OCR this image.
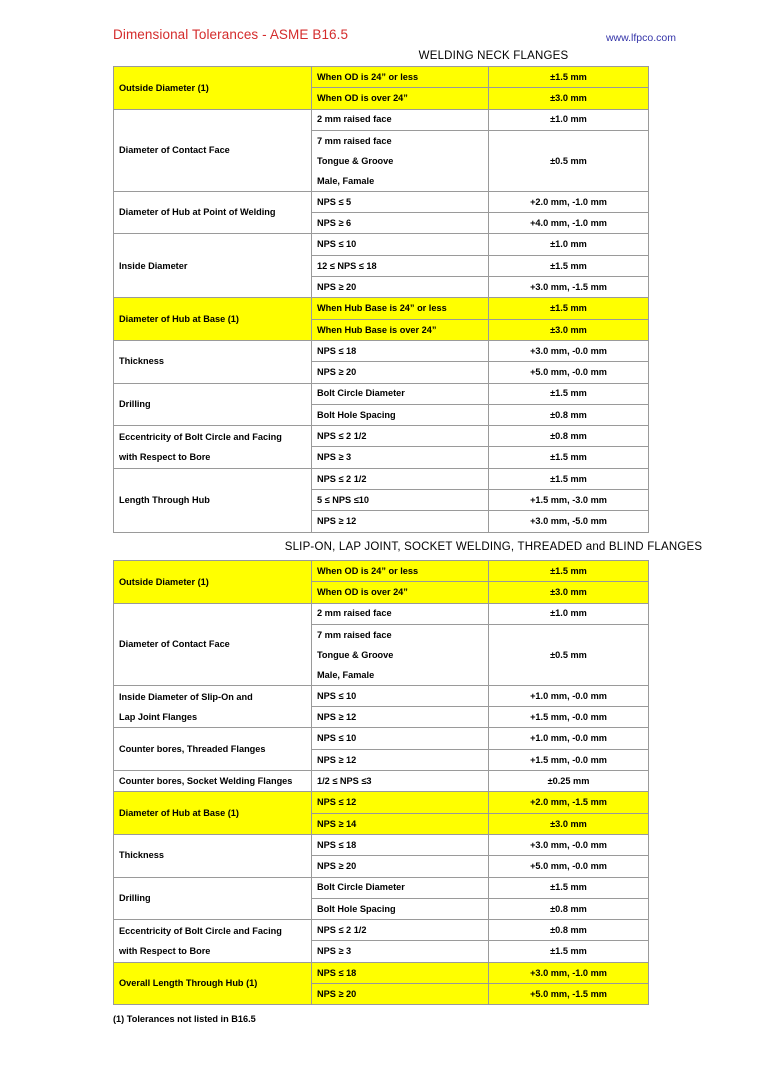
Dimensional Tolerances - ASME B16.5	www.lfpco.com
WELDING NECK FLANGES
Outside Diameter (1)	When OD is 24” or less	±1.5 mm
	When OD is over 24”	±3.0 mm
Diameter of Contact Face	2 mm raised face	±1.0 mm

	7 mm raised face
Tongue & Groove
Male, Famale	±0.5 mm
Diameter of Hub at Point of Welding	NPS ≤ 5	+2.0 mm, -1.0 mm
	NPS ≥ 6	+4.0 mm, -1.0 mm
Inside Diameter	NPS ≤ 10	±1.0 mm
	12 ≤ NPS ≤ 18	±1.5 mm
	NPS ≥ 20	+3.0 mm, -1.5 mm
Diameter of Hub at Base (1)	When Hub Base is 24” or less	±1.5 mm
	When Hub Base is over 24”	±3.0 mm
Thickness	NPS ≤ 18	+3.0 mm, -0.0 mm
	NPS ≥ 20	+5.0 mm, -0.0 mm
Drilling	Bolt Circle Diameter	±1.5 mm
	Bolt Hole Spacing	±0.8 mm

Eccentricity of Bolt Circle and Facing
with Respect to Bore	NPS ≤ 2 1/2	±0.8 mm
	NPS ≥ 3	±1.5 mm
Length Through Hub	NPS ≤ 2 1/2	±1.5 mm
	5 ≤ NPS ≤10	+1.5 mm, -3.0 mm
	NPS ≥ 12	+3.0 mm, -5.0 mm
SLIP-ON, LAP JOINT, SOCKET WELDING, THREADED and BLIND FLANGES
Outside Diameter (1)	When OD is 24” or less	±1.5 mm
	When OD is over 24”	±3.0 mm
Diameter of Contact Face	2 mm raised face	±1.0 mm

	7 mm raised face
Tongue & Groove
Male, Famale	±0.5 mm

Inside Diameter of Slip-On and
Lap Joint Flanges	NPS ≤ 10	+1.0 mm, -0.0 mm
	NPS ≥ 12	+1.5 mm, -0.0 mm
Counter bores, Threaded Flanges	NPS ≤ 10	+1.0 mm, -0.0 mm
	NPS ≥ 12	+1.5 mm, -0.0 mm
Counter bores, Socket Welding Flanges	1/2 ≤ NPS ≤3	±0.25 mm
Diameter of Hub at Base (1)	NPS ≤ 12	+2.0 mm, -1.5 mm
	NPS ≥ 14	±3.0 mm
Thickness	NPS ≤ 18	+3.0 mm, -0.0 mm
	NPS ≥ 20	+5.0 mm, -0.0 mm
Drilling	Bolt Circle Diameter	±1.5 mm
	Bolt Hole Spacing	±0.8 mm

Eccentricity of Bolt Circle and Facing
with Respect to Bore	NPS ≤ 2 1/2	±0.8 mm
	NPS ≥ 3	±1.5 mm
Overall Length Through Hub (1)	NPS ≤ 18	+3.0 mm, -1.0 mm
	NPS ≥ 20	+5.0 mm, -1.5 mm
(1) Tolerances not listed in B16.5
